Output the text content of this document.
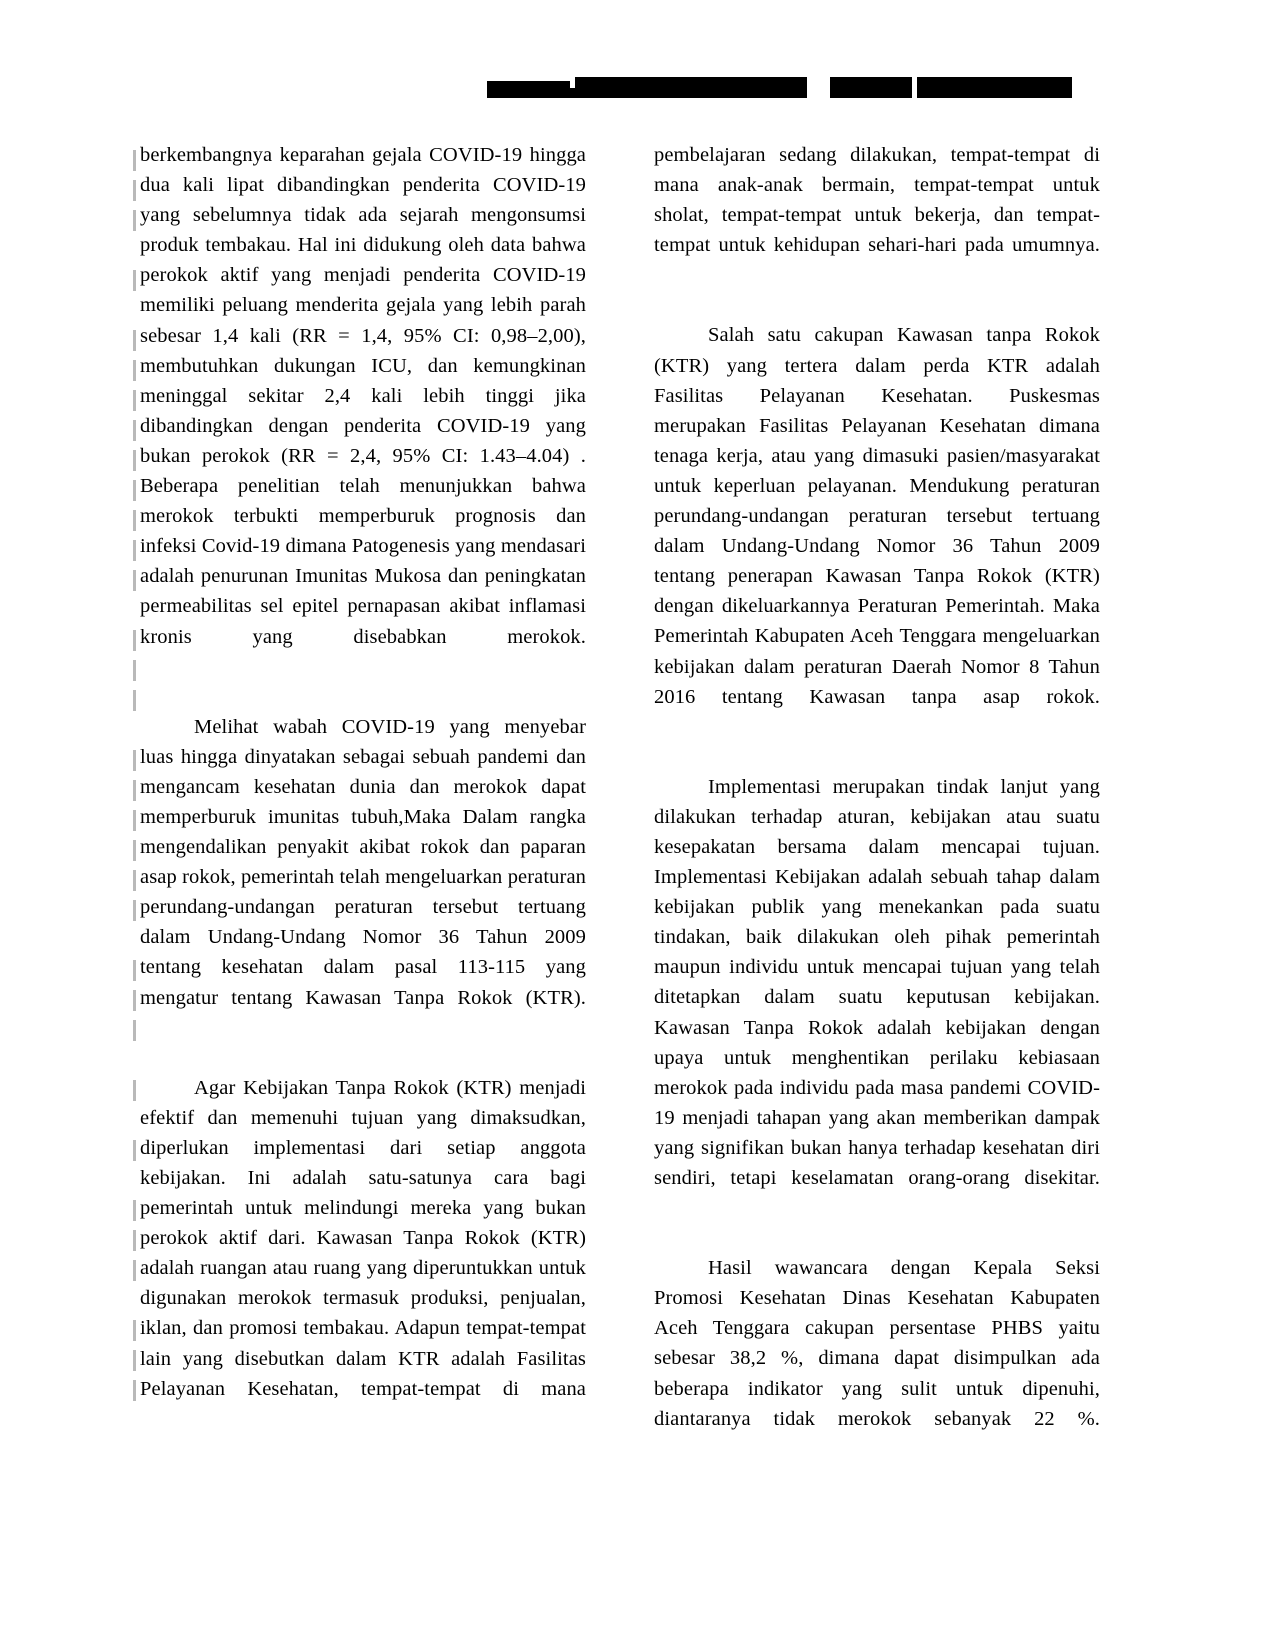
berkembangnya keparahan gejala COVID-19 hingga dua kali lipat dibandingkan penderita COVID-19 yang sebelumnya tidak ada sejarah mengonsumsi produk tembakau. Hal ini didukung oleh data bahwa perokok aktif yang menjadi penderita COVID-19 memiliki peluang menderita gejala yang lebih parah sebesar 1,4 kali (RR = 1,4, 95% CI: 0,98–2,00), membutuhkan dukungan ICU, dan kemungkinan meninggal sekitar 2,4 kali lebih tinggi jika dibandingkan dengan penderita COVID-19 yang bukan perokok (RR = 2,4, 95% CI: 1.43–4.04) . Beberapa penelitian telah menunjukkan bahwa merokok terbukti memperburuk prognosis dan infeksi Covid-19 dimana Patogenesis yang mendasari adalah penurunan Imunitas Mukosa dan peningkatan permeabilitas sel epitel pernapasan akibat inflamasi kronis yang disebabkan merokok.

Melihat wabah COVID-19 yang menyebar luas hingga dinyatakan sebagai sebuah pandemi dan mengancam kesehatan dunia dan merokok dapat memperburuk imunitas tubuh,Maka Dalam rangka mengendalikan penyakit akibat rokok dan paparan asap rokok, pemerintah telah mengeluarkan peraturan perundang-undangan peraturan tersebut tertuang dalam Undang-Undang Nomor 36 Tahun 2009 tentang kesehatan dalam pasal 113-115 yang mengatur tentang Kawasan Tanpa Rokok (KTR).

Agar Kebijakan Tanpa Rokok (KTR) menjadi efektif dan memenuhi tujuan yang dimaksudkan, diperlukan implementasi dari setiap anggota kebijakan. Ini adalah satu-satunya cara bagi pemerintah untuk melindungi mereka yang bukan perokok aktif dari. Kawasan Tanpa Rokok (KTR) adalah ruangan atau ruang yang diperuntukkan untuk digunakan merokok termasuk produksi, penjualan, iklan, dan promosi tembakau. Adapun tempat-tempat lain yang disebutkan dalam KTR adalah Fasilitas Pelayanan Kesehatan, tempat-tempat di mana

pembelajaran sedang dilakukan, tempat-tempat di mana anak-anak bermain, tempat-tempat untuk sholat, tempat-tempat untuk bekerja, dan tempat-tempat untuk kehidupan sehari-hari pada umumnya.

Salah satu cakupan Kawasan tanpa Rokok (KTR) yang tertera dalam perda KTR adalah Fasilitas Pelayanan Kesehatan. Puskesmas merupakan Fasilitas Pelayanan Kesehatan dimana tenaga kerja, atau yang dimasuki pasien/masyarakat untuk keperluan pelayanan. Mendukung peraturan perundang-undangan peraturan tersebut tertuang dalam Undang-Undang Nomor 36 Tahun 2009 tentang penerapan Kawasan Tanpa Rokok (KTR) dengan dikeluarkannya Peraturan Pemerintah. Maka Pemerintah Kabupaten Aceh Tenggara mengeluarkan kebijakan dalam peraturan Daerah Nomor 8 Tahun 2016 tentang Kawasan tanpa asap rokok.

Implementasi merupakan tindak lanjut yang dilakukan terhadap aturan, kebijakan atau suatu kesepakatan bersama dalam mencapai tujuan. Implementasi Kebijakan adalah sebuah tahap dalam kebijakan publik yang menekankan pada suatu tindakan, baik dilakukan oleh pihak pemerintah maupun individu untuk mencapai tujuan yang telah ditetapkan dalam suatu keputusan kebijakan. Kawasan Tanpa Rokok adalah kebijakan dengan upaya untuk menghentikan perilaku kebiasaan merokok pada individu pada masa pandemi COVID-19 menjadi tahapan yang akan memberikan dampak yang signifikan bukan hanya terhadap kesehatan diri sendiri, tetapi keselamatan orang-orang disekitar.

Hasil wawancara dengan Kepala Seksi Promosi Kesehatan Dinas Kesehatan Kabupaten Aceh Tenggara cakupan persentase PHBS yaitu sebesar 38,2 %, dimana dapat disimpulkan ada beberapa indikator yang sulit untuk dipenuhi, diantaranya tidak merokok sebanyak 22 %.
